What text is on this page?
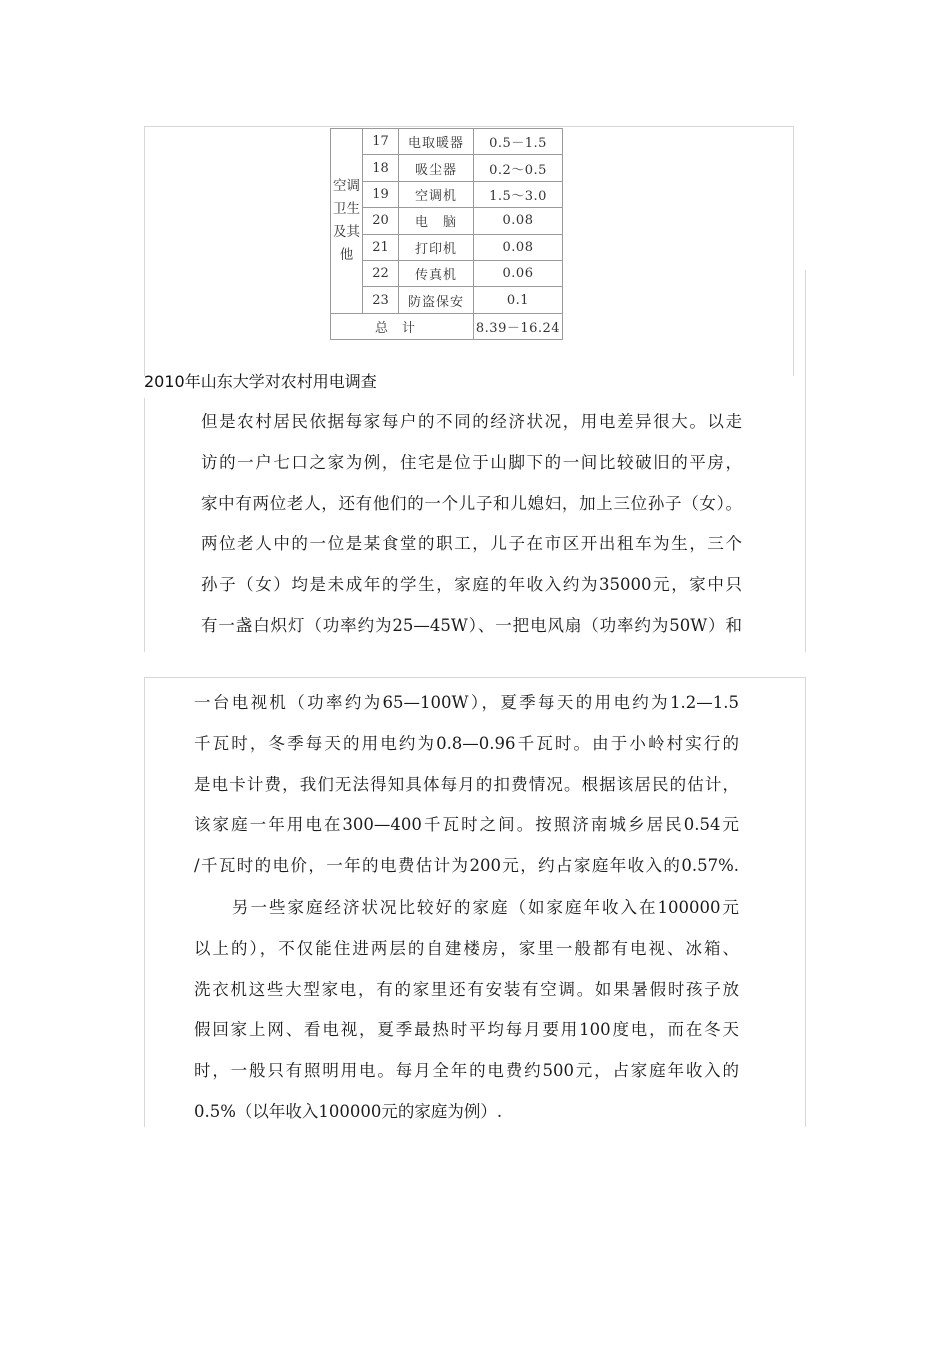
空调
卫生
及其
他	17	电取暖器	0.5－1.5
	18	吸尘器	0.2～0.5
	19	空调机	1.5～3.0
	20	电　脑	0.08
	21	打印机	0.08
	22	传真机	0.06
	23	防盗保安	0.1
总计			8.39－16.24
2010年山东大学对农村用电调查
但是农村居民依据每家每户的不同的经济状况，用电差异很大。以走
访的一户七口之家为例，住宅是位于山脚下的一间比较破旧的平房，
家中有两位老人，还有他们的一个儿子和儿媳妇，加上三位孙子（女）。
两位老人中的一位是某食堂的职工，儿子在市区开出租车为生，三个
孙子（女）均是未成年的学生，家庭的年收入约为35000元，家中只
有一盏白炽灯（功率约为25—45W）、一把电风扇（功率约为50W）和
一台电视机（功率约为65—100W），夏季每天的用电约为1.2—1.5
千瓦时，冬季每天的用电约为0.8—0.96千瓦时。由于小岭村实行的
是电卡计费，我们无法得知具体每月的扣费情况。根据该居民的估计，
该家庭一年用电在300—400千瓦时之间。按照济南城乡居民0.54元
/千瓦时的电价，一年的电费估计为200元，约占家庭年收入的0.57%.
另一些家庭经济状况比较好的家庭（如家庭年收入在100000元
以上的），不仅能住进两层的自建楼房，家里一般都有电视、冰箱、
洗衣机这些大型家电，有的家里还有安装有空调。如果暑假时孩子放
假回家上网、看电视，夏季最热时平均每月要用100度电，而在冬天
时，一般只有照明用电。每月全年的电费约500元，占家庭年收入的
0.5%（以年收入100000元的家庭为例）.
